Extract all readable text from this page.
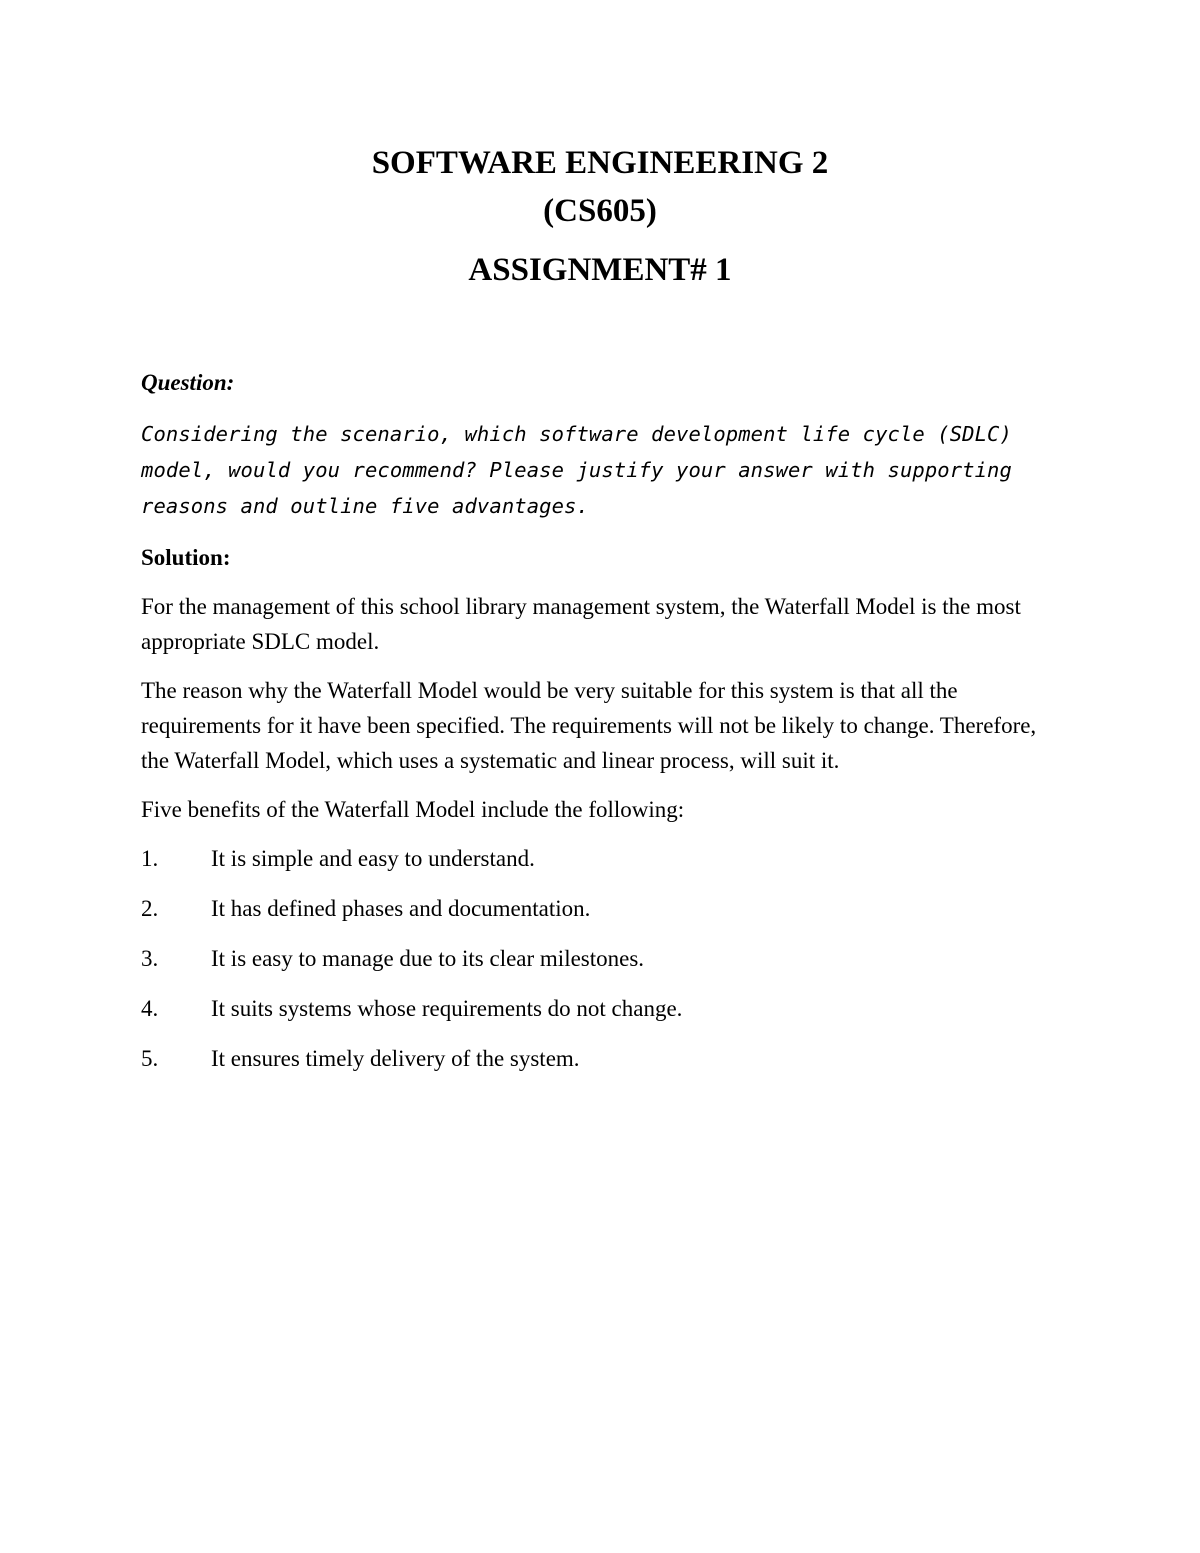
SOFTWARE ENGINEERING 2
(CS605)
ASSIGNMENT# 1
Question:
Considering the scenario, which software development life cycle (SDLC) model, would you recommend? Please justify your answer with supporting reasons and outline five advantages.
Solution:
For the management of this school library management system, the Waterfall Model is the most appropriate SDLC model.
The reason why the Waterfall Model would be very suitable for this system is that all the requirements for it have been specified. The requirements will not be likely to change. Therefore, the Waterfall Model, which uses a systematic and linear process, will suit it.
Five benefits of the Waterfall Model include the following:
1. It is simple and easy to understand.
2. It has defined phases and documentation.
3. It is easy to manage due to its clear milestones.
4. It suits systems whose requirements do not change.
5. It ensures timely delivery of the system.
